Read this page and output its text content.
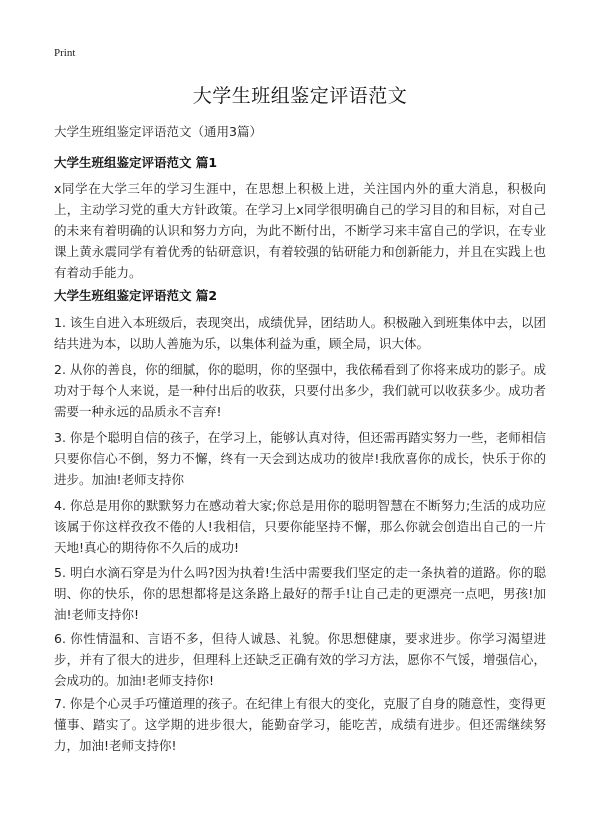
Print
大学生班组鉴定评语范文
大学生班组鉴定评语范文（通用3篇）
大学生班组鉴定评语范文 篇1

x同学在大学三年的学习生涯中，在思想上积极上进，关注国内外的重大消息，积极向上，主动学习党的重大方针政策。在学习上x同学很明确自己的学习目的和目标，对自己的未来有着明确的认识和努力方向，为此不断付出，不断学习来丰富自己的学识，在专业课上黄永震同学有着优秀的钻研意识，有着较强的钻研能力和创新能力，并且在实践上也有着动手能力。

大学生班组鉴定评语范文 篇2

1. 该生自进入本班级后，表现突出，成绩优异，团结助人。积极融入到班集体中去，以团结共进为本，以助人善施为乐，以集体利益为重，顾全局，识大体。

2. 从你的善良，你的细腻，你的聪明，你的坚强中，我依稀看到了你将来成功的影子。成功对于每个人来说，是一种付出后的收获，只要付出多少，我们就可以收获多少。成功者需要一种永远的品质永不言弃!

3. 你是个聪明自信的孩子，在学习上，能够认真对待，但还需再踏实努力一些，老师相信只要你信心不倒，努力不懈，终有一天会到达成功的彼岸!我欣喜你的成长，快乐于你的进步。加油!老师支持你

4. 你总是用你的默默努力在感动着大家;你总是用你的聪明智慧在不断努力;生活的成功应该属于你这样孜孜不倦的人!我相信，只要你能坚持不懈，那么你就会创造出自己的一片天地!真心的期待你不久后的成功!

5. 明白水滴石穿是为什么吗?因为执着!生活中需要我们坚定的走一条执着的道路。你的聪明、你的快乐，你的思想都将是这条路上最好的帮手!让自己走的更漂亮一点吧，男孩!加油!老师支持你!

6. 你性情温和、言语不多，但待人诚恳、礼貌。你思想健康，要求进步。你学习渴望进步，并有了很大的进步，但理科上还缺乏正确有效的学习方法，愿你不气馁，增强信心，会成功的。加油!老师支持你!

7. 你是个心灵手巧懂道理的孩子。在纪律上有很大的变化，克服了自身的随意性，变得更懂事、踏实了。这学期的进步很大，能勤奋学习，能吃苦，成绩有进步。但还需继续努力，加油!老师支持你!
